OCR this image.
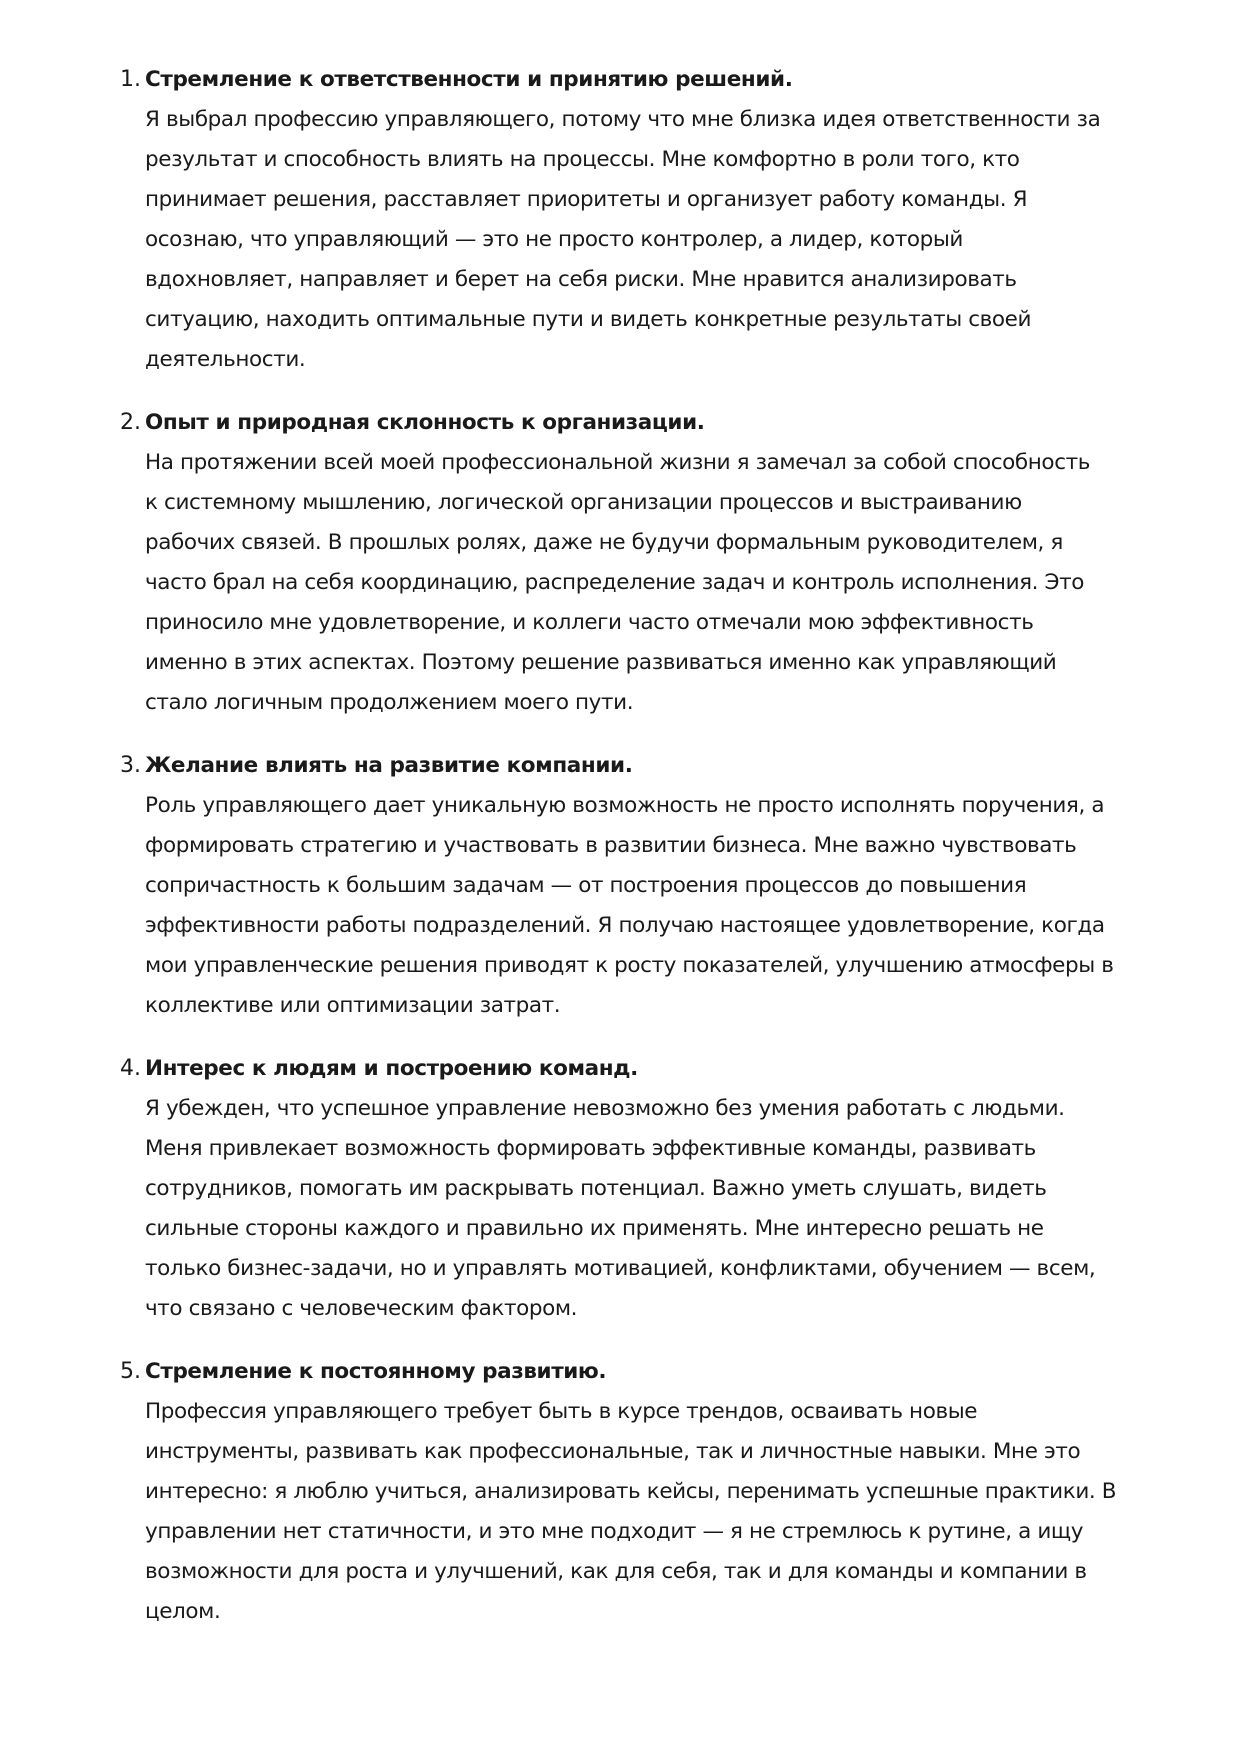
1. Стремление к ответственности и принятию решений.
Я выбрал профессию управляющего, потому что мне близка идея ответственности за
результат и способность влиять на процессы. Мне комфортно в роли того, кто
принимает решения, расставляет приоритеты и организует работу команды. Я
осознаю, что управляющий — это не просто контролер, а лидер, который
вдохновляет, направляет и берет на себя риски. Мне нравится анализировать
ситуацию, находить оптимальные пути и видеть конкретные результаты своей
деятельности.
2. Опыт и природная склонность к организации.
На протяжении всей моей профессиональной жизни я замечал за собой способность
к системному мышлению, логической организации процессов и выстраиванию
рабочих связей. В прошлых ролях, даже не будучи формальным руководителем, я
часто брал на себя координацию, распределение задач и контроль исполнения. Это
приносило мне удовлетворение, и коллеги часто отмечали мою эффективность
именно в этих аспектах. Поэтому решение развиваться именно как управляющий
стало логичным продолжением моего пути.
3. Желание влиять на развитие компании.
Роль управляющего дает уникальную возможность не просто исполнять поручения, а
формировать стратегию и участвовать в развитии бизнеса. Мне важно чувствовать
сопричастность к большим задачам — от построения процессов до повышения
эффективности работы подразделений. Я получаю настоящее удовлетворение, когда
мои управленческие решения приводят к росту показателей, улучшению атмосферы в
коллективе или оптимизации затрат.
4. Интерес к людям и построению команд.
Я убежден, что успешное управление невозможно без умения работать с людьми.
Меня привлекает возможность формировать эффективные команды, развивать
сотрудников, помогать им раскрывать потенциал. Важно уметь слушать, видеть
сильные стороны каждого и правильно их применять. Мне интересно решать не
только бизнес-задачи, но и управлять мотивацией, конфликтами, обучением — всем,
что связано с человеческим фактором.
5. Стремление к постоянному развитию.
Профессия управляющего требует быть в курсе трендов, осваивать новые
инструменты, развивать как профессиональные, так и личностные навыки. Мне это
интересно: я люблю учиться, анализировать кейсы, перенимать успешные практики. В
управлении нет статичности, и это мне подходит — я не стремлюсь к рутине, а ищу
возможности для роста и улучшений, как для себя, так и для команды и компании в
целом.
